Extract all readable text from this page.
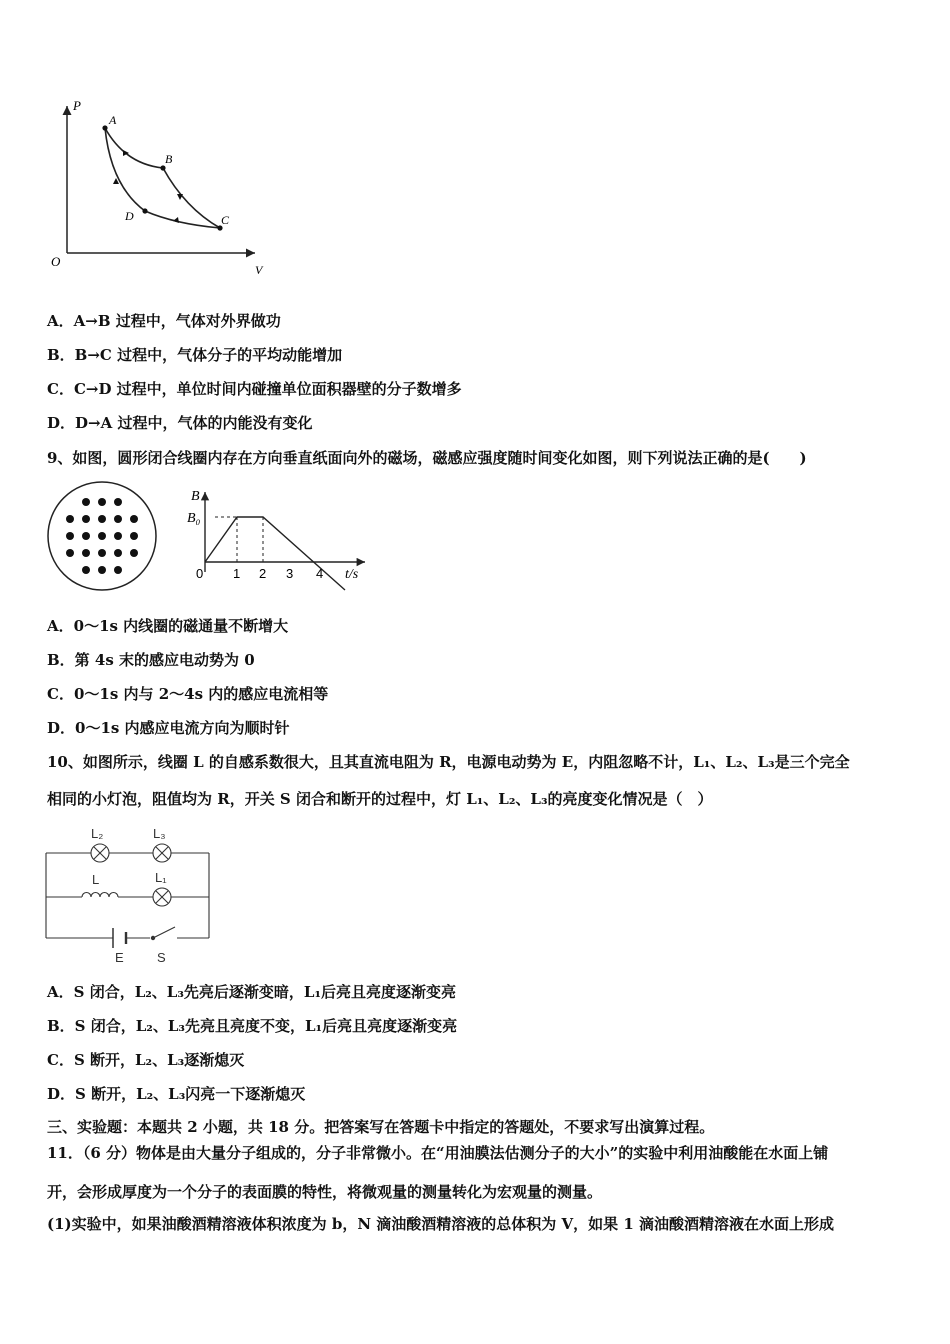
P
V
O
A
B
C
D
A．A→B 过程中，气体对外界做功
B．B→C 过程中，气体分子的平均动能增加
C．C→D 过程中，单位时间内碰撞单位面积器壁的分子数增多
D．D→A 过程中，气体的内能没有变化
9、如图，圆形闭合线圈内存在方向垂直纸面向外的磁场，磁感应强度随时间变化如图，则下列说法正确的是(　　)
B
B₀
0 1 2 3 4 t/s
A．0～1s 内线圈的磁通量不断增大
B．第 4s 末的感应电动势为 0
C．0～1s 内与 2～4s 内的感应电流相等
D．0～1s 内感应电流方向为顺时针
10、如图所示，线圈 L 的自感系数很大，且其直流电阻为 R，电源电动势为 E，内阻忽略不计，L₁、L₂、L₃是三个完全
相同的小灯泡，阻值均为 R，开关 S 闭合和断开的过程中，灯 L₁、L₂、L₃的亮度变化情况是（　）
L₂	L₃
L	L₁
E	S
A．S 闭合，L₂、L₃先亮后逐渐变暗，L₁后亮且亮度逐渐变亮
B．S 闭合，L₂、L₃先亮且亮度不变，L₁后亮且亮度逐渐变亮
C．S 断开，L₂、L₃逐渐熄灭
D．S 断开，L₂、L₃闪亮一下逐渐熄灭
三、实验题：本题共 2 小题，共 18 分。把答案写在答题卡中指定的答题处，不要求写出演算过程。
11．（6 分）物体是由大量分子组成的，分子非常微小。在“用油膜法估测分子的大小”的实验中利用油酸能在水面上铺
开，会形成厚度为一个分子的表面膜的特性，将微观量的测量转化为宏观量的测量。
(1)实验中，如果油酸酒精溶液体积浓度为 b，N 滴油酸酒精溶液的总体积为 V，如果 1 滴油酸酒精溶液在水面上形成
